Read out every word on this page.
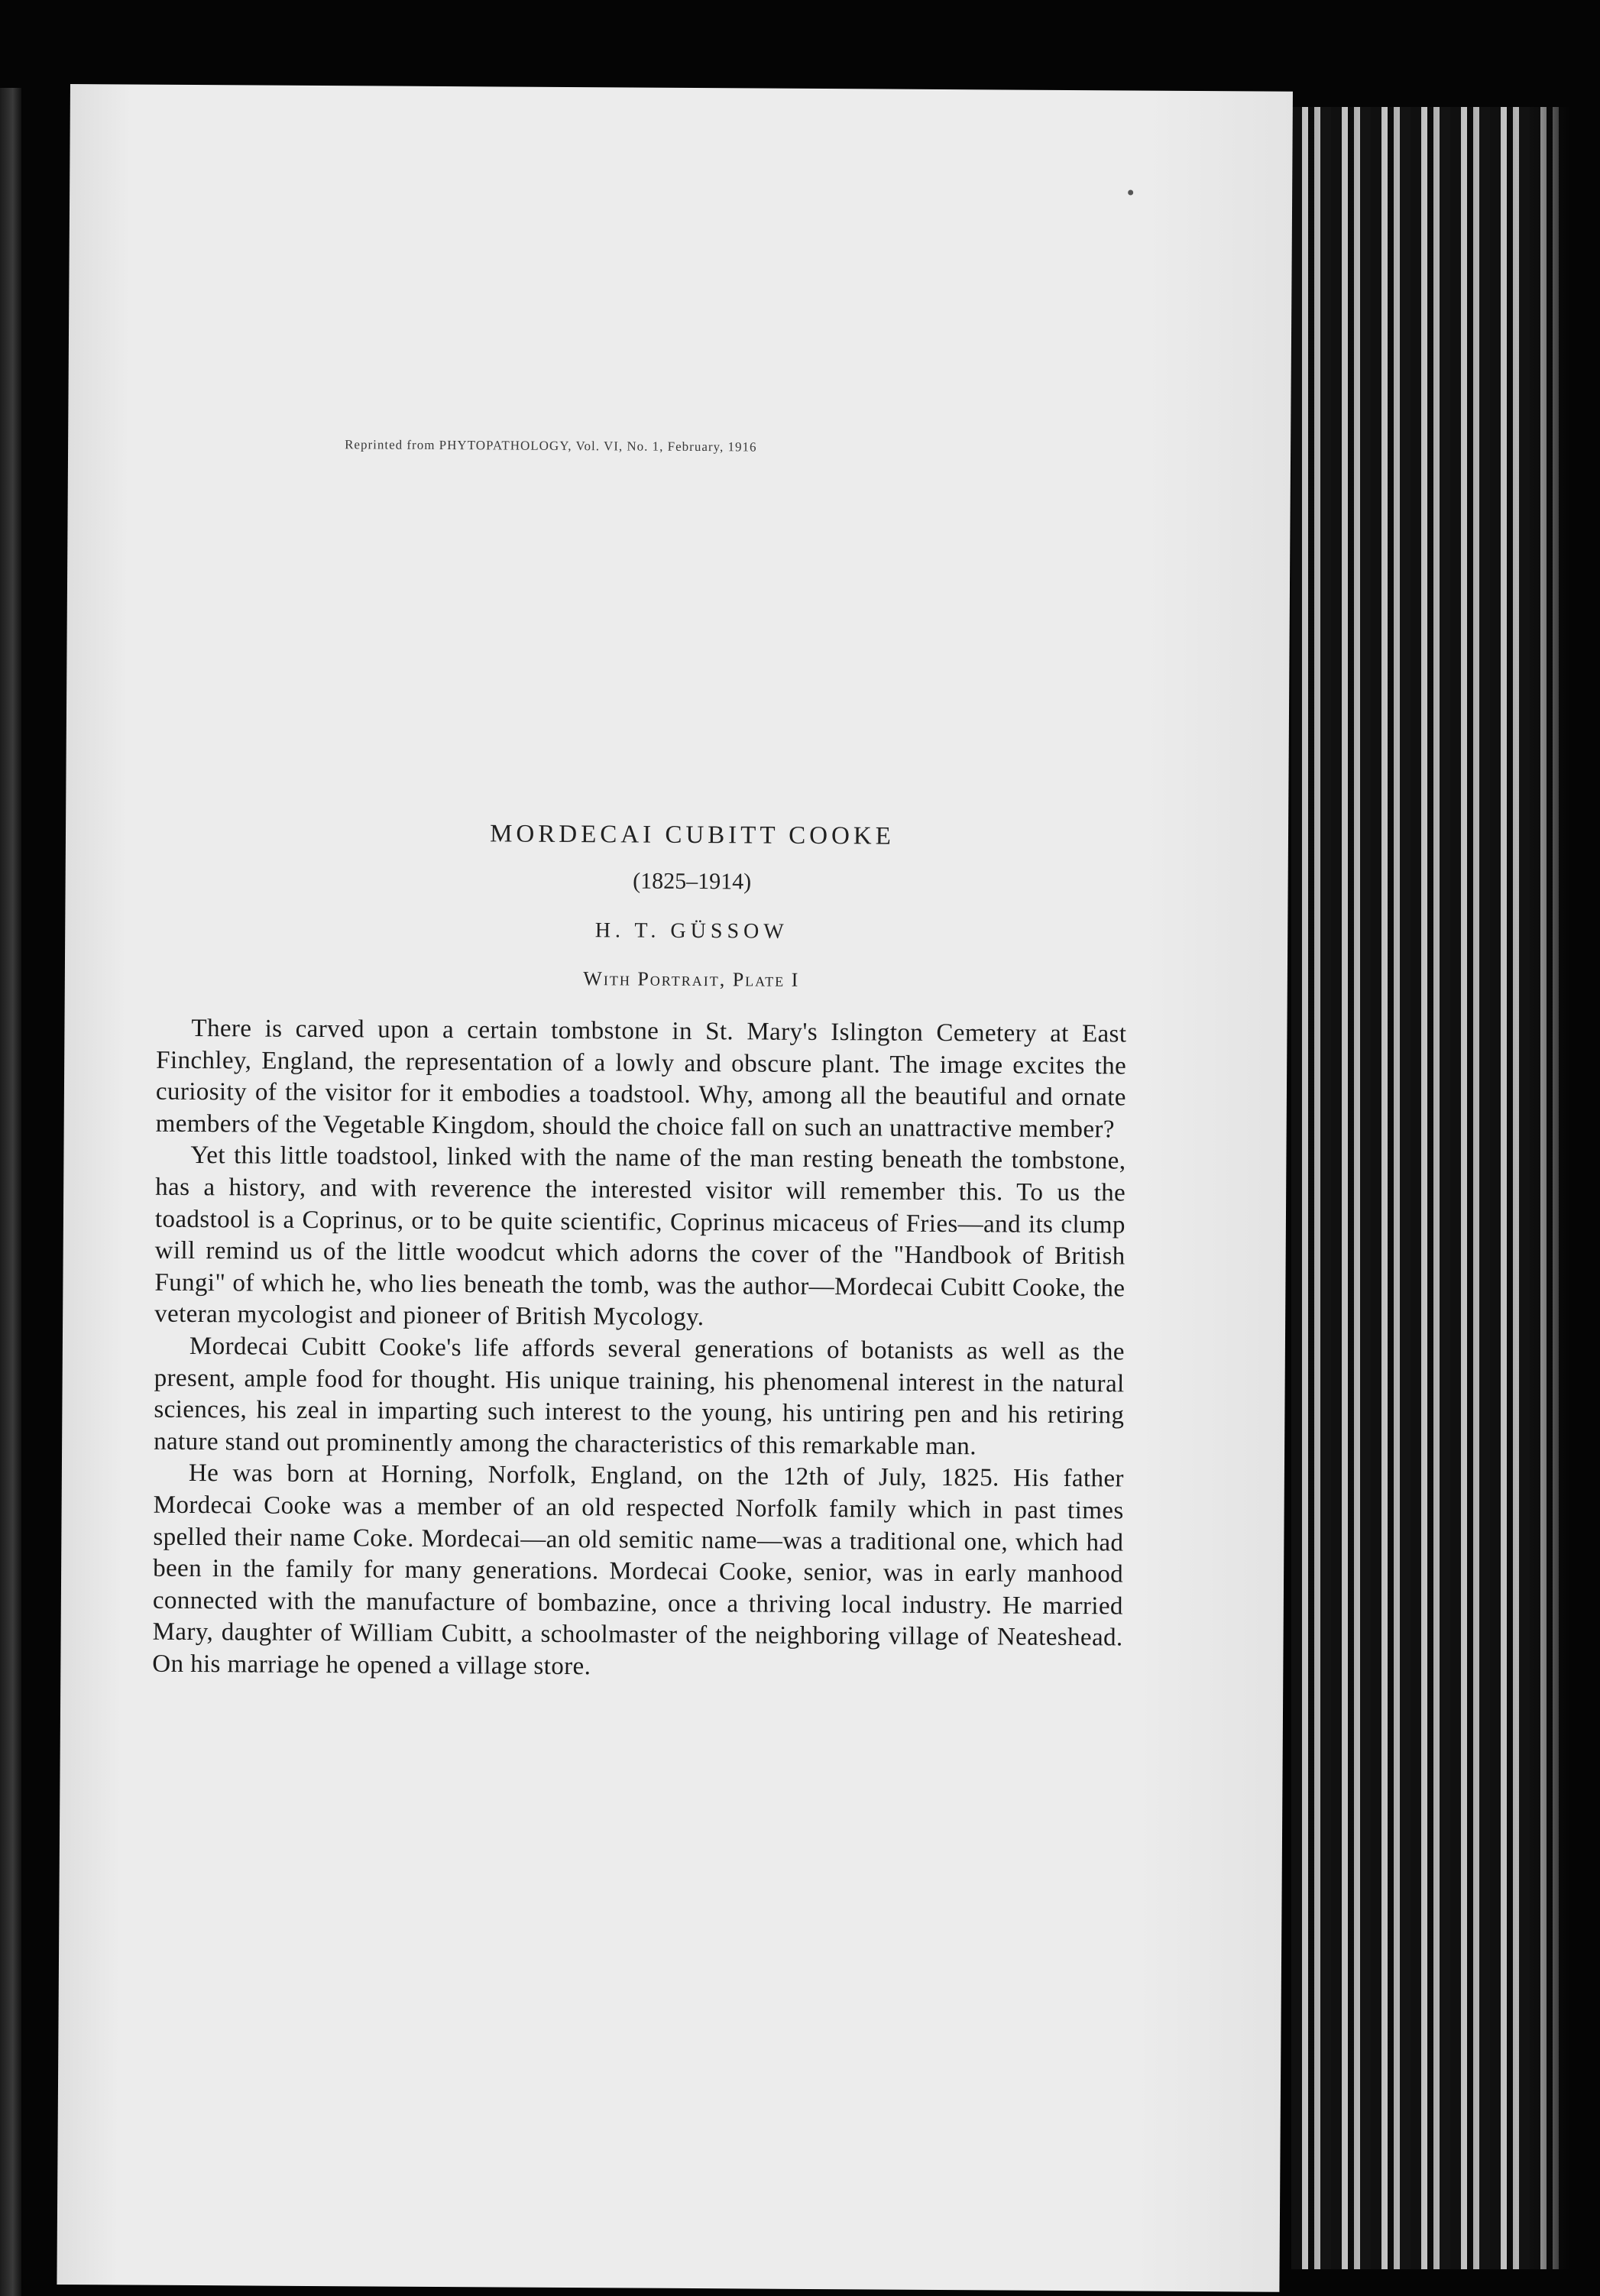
Reprinted from PHYTOPATHOLOGY, Vol. VI, No. 1, February, 1916
MORDECAI CUBITT COOKE
(1825–1914)
H. T. GÜSSOW
With Portrait, Plate I

There is carved upon a certain tombstone in St. Mary's Islington Cemetery at East Finchley, England, the representation of a lowly and obscure plant. The image excites the curiosity of the visitor for it embodies a toadstool. Why, among all the beautiful and ornate members of the Vegetable Kingdom, should the choice fall on such an unattractive member?

Yet this little toadstool, linked with the name of the man resting beneath the tombstone, has a history, and with reverence the interested visitor will remember this. To us the toadstool is a Coprinus, or to be quite scientific, Coprinus micaceus of Fries—and its clump will remind us of the little woodcut which adorns the cover of the "Handbook of British Fungi" of which he, who lies beneath the tomb, was the author—Mordecai Cubitt Cooke, the veteran mycologist and pioneer of British Mycology.

Mordecai Cubitt Cooke's life affords several generations of botanists as well as the present, ample food for thought. His unique training, his phenomenal interest in the natural sciences, his zeal in imparting such interest to the young, his untiring pen and his retiring nature stand out prominently among the characteristics of this remarkable man.

He was born at Horning, Norfolk, England, on the 12th of July, 1825. His father Mordecai Cooke was a member of an old respected Norfolk family which in past times spelled their name Coke. Mordecai—an old semitic name—was a traditional one, which had been in the family for many generations. Mordecai Cooke, senior, was in early manhood connected with the manufacture of bombazine, once a thriving local industry. He married Mary, daughter of William Cubitt, a schoolmaster of the neighboring village of Neateshead. On his marriage he opened a village store.
